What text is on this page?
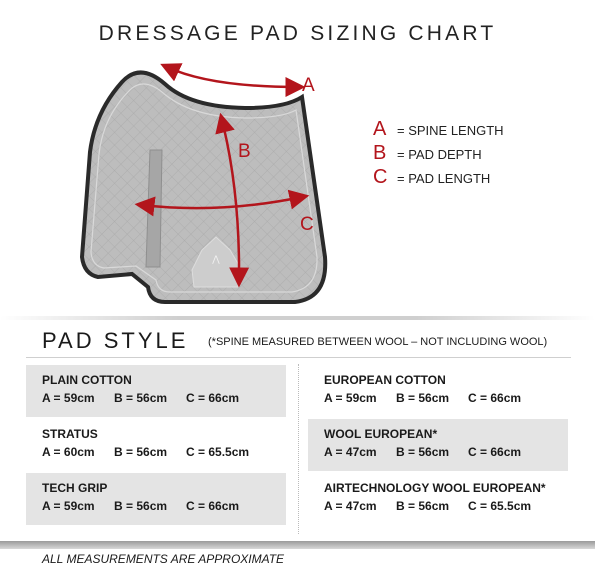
DRESSAGE PAD SIZING CHART
⋀
A
B
C
A = SPINE LENGTH
B = PAD DEPTH
C = PAD LENGTH
PAD STYLE (*SPINE MEASURED BETWEEN WOOL – NOT INCLUDING WOOL)
PLAIN COTTON
A = 59cm B = 56cm C = 66cm
STRATUS
A = 60cm B = 56cm C = 65.5cm
TECH GRIP
A = 59cm B = 56cm C = 66cm
EUROPEAN COTTON
A = 59cm B = 56cm C = 66cm
WOOL EUROPEAN*
A = 47cm B = 56cm C = 66cm
AIRTECHNOLOGY WOOL EUROPEAN*
A = 47cm B = 56cm C = 65.5cm
ALL MEASUREMENTS ARE APPROXIMATE
